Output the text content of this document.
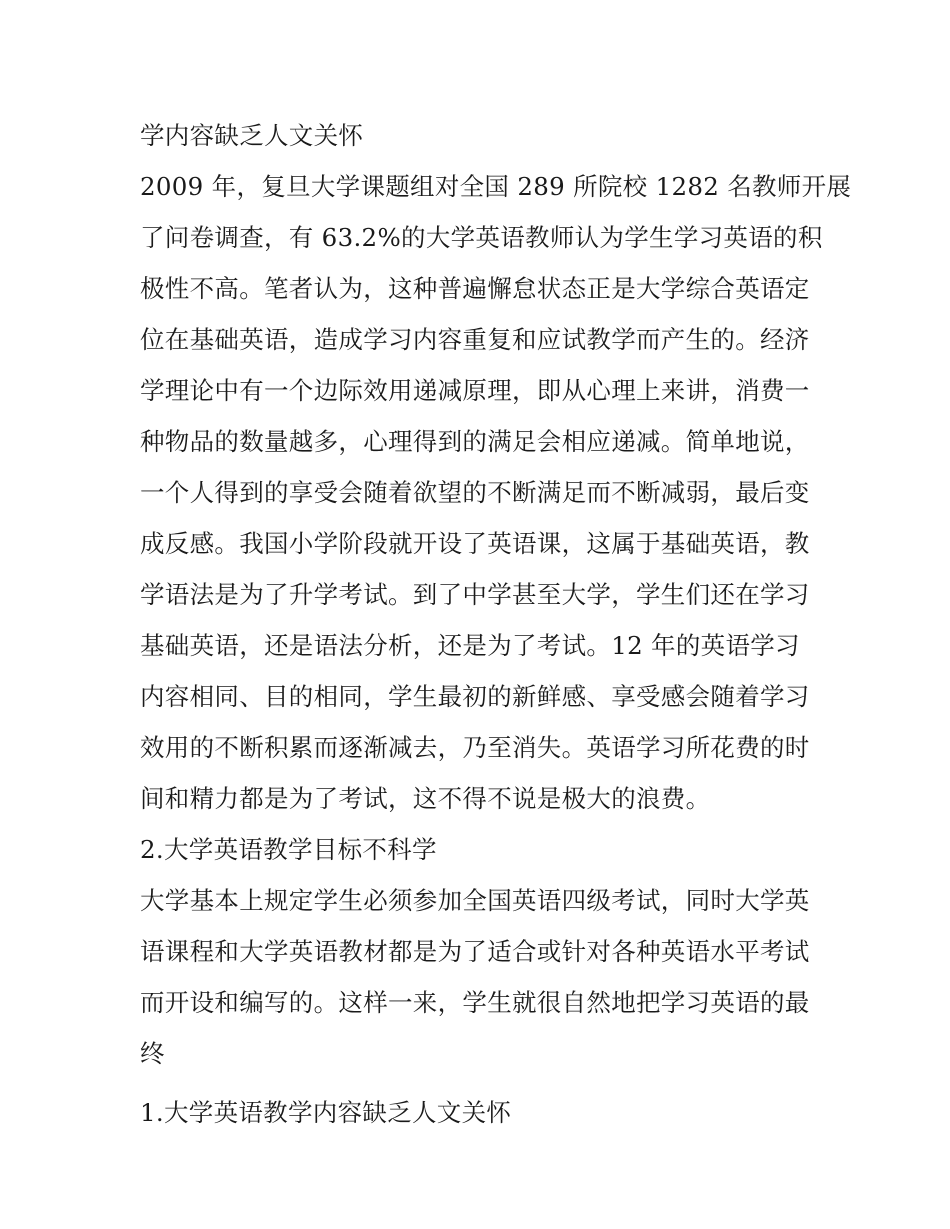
学内容缺乏人文关怀
2009 年，复旦大学课题组对全国 289 所院校 1282 名教师开展
了问卷调查，有 63.2%的大学英语教师认为学生学习英语的积
极性不高。笔者认为，这种普遍懈怠状态正是大学综合英语定
位在基础英语，造成学习内容重复和应试教学而产生的。经济
学理论中有一个边际效用递减原理，即从心理上来讲，消费一
种物品的数量越多，心理得到的满足会相应递减。简单地说，
一个人得到的享受会随着欲望的不断满足而不断减弱，最后变
成反感。我国小学阶段就开设了英语课，这属于基础英语，教
学语法是为了升学考试。到了中学甚至大学，学生们还在学习
基础英语，还是语法分析，还是为了考试。12 年的英语学习
内容相同、目的相同，学生最初的新鲜感、享受感会随着学习
效用的不断积累而逐渐减去，乃至消失。英语学习所花费的时
间和精力都是为了考试，这不得不说是极大的浪费。
2.大学英语教学目标不科学
大学基本上规定学生必须参加全国英语四级考试，同时大学英
语课程和大学英语教材都是为了适合或针对各种英语水平考试
而开设和编写的。这样一来，学生就很自然地把学习英语的最
终
1.大学英语教学内容缺乏人文关怀
